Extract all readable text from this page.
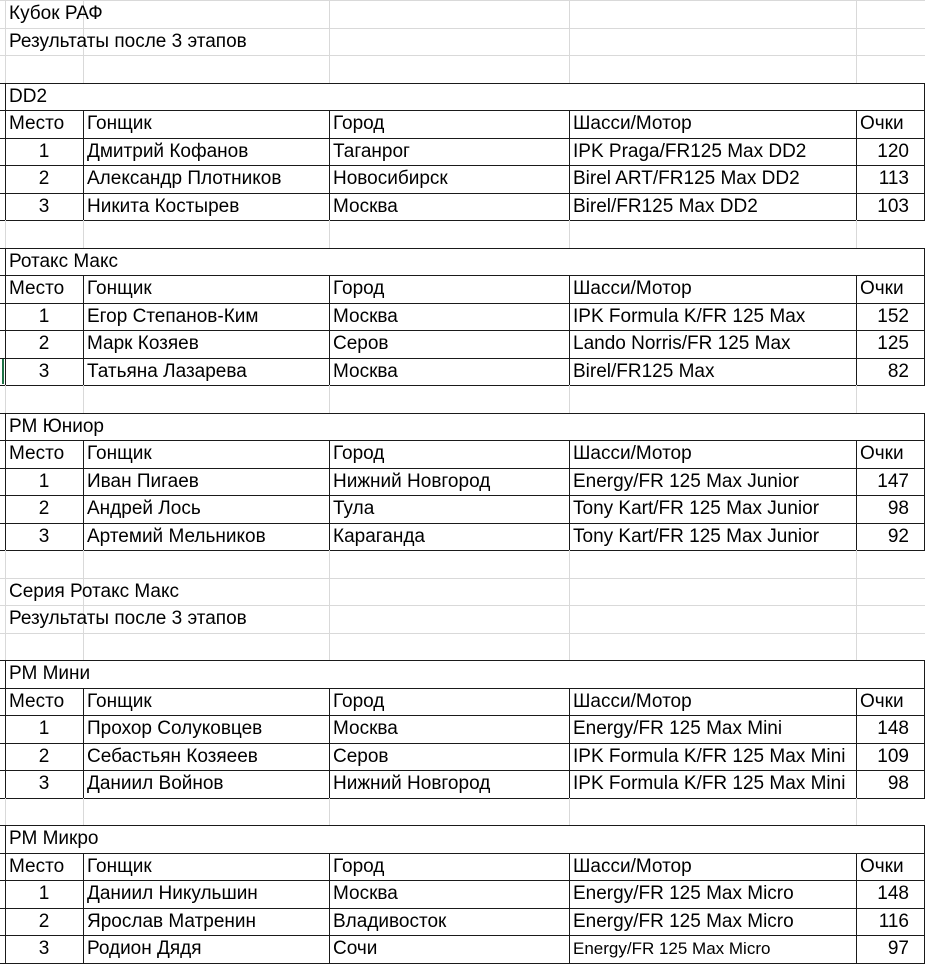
Кубок РАФ
Результаты после 3 этапов
DD2
Место	Гонщик	Город	Шасси/Мотор	Очки
1	Дмитрий Кофанов	Таганрог	IPK Praga/FR125 Max DD2	120
2	Александр Плотников	Новосибирск	Birel ART/FR125 Max DD2	113
3	Никита Костырев	Москва	Birel/FR125 Max DD2	103
Ротакс Макс
Место	Гонщик	Город	Шасси/Мотор	Очки
1	Егор Степанов-Ким	Москва	IPK Formula K/FR 125 Max	152
2	Марк Козяев	Серов	Lando Norris/FR 125 Max	125
3	Татьяна Лазарева	Москва	Birel/FR125 Max	82
РМ Юниор
Место	Гонщик	Город	Шасси/Мотор	Очки
1	Иван Пигаев	Нижний Новгород	Energy/FR 125 Max Junior	147
2	Андрей Лось	Тула	Tony Kart/FR 125 Max Junior	98
3	Артемий Мельников	Караганда	Tony Kart/FR 125 Max Junior	92
Серия Ротакс Макс
Результаты после 3 этапов
РМ Мини
Место	Гонщик	Город	Шасси/Мотор	Очки
1	Прохор Солуковцев	Москва	Energy/FR 125 Max Mini	148
2	Себастьян Козяеев	Серов	IPK Formula K/FR 125 Max Mini	109
3	Даниил Войнов	Нижний Новгород	IPK Formula K/FR 125 Max Mini	98
РМ Микро
Место	Гонщик	Город	Шасси/Мотор	Очки
1	Даниил Никульшин	Москва	Energy/FR 125 Max Micro	148
2	Ярослав Матренин	Владивосток	Energy/FR 125 Max Micro	116
3	Родион Дядя	Сочи	Energy/FR 125 Max Micro	97
